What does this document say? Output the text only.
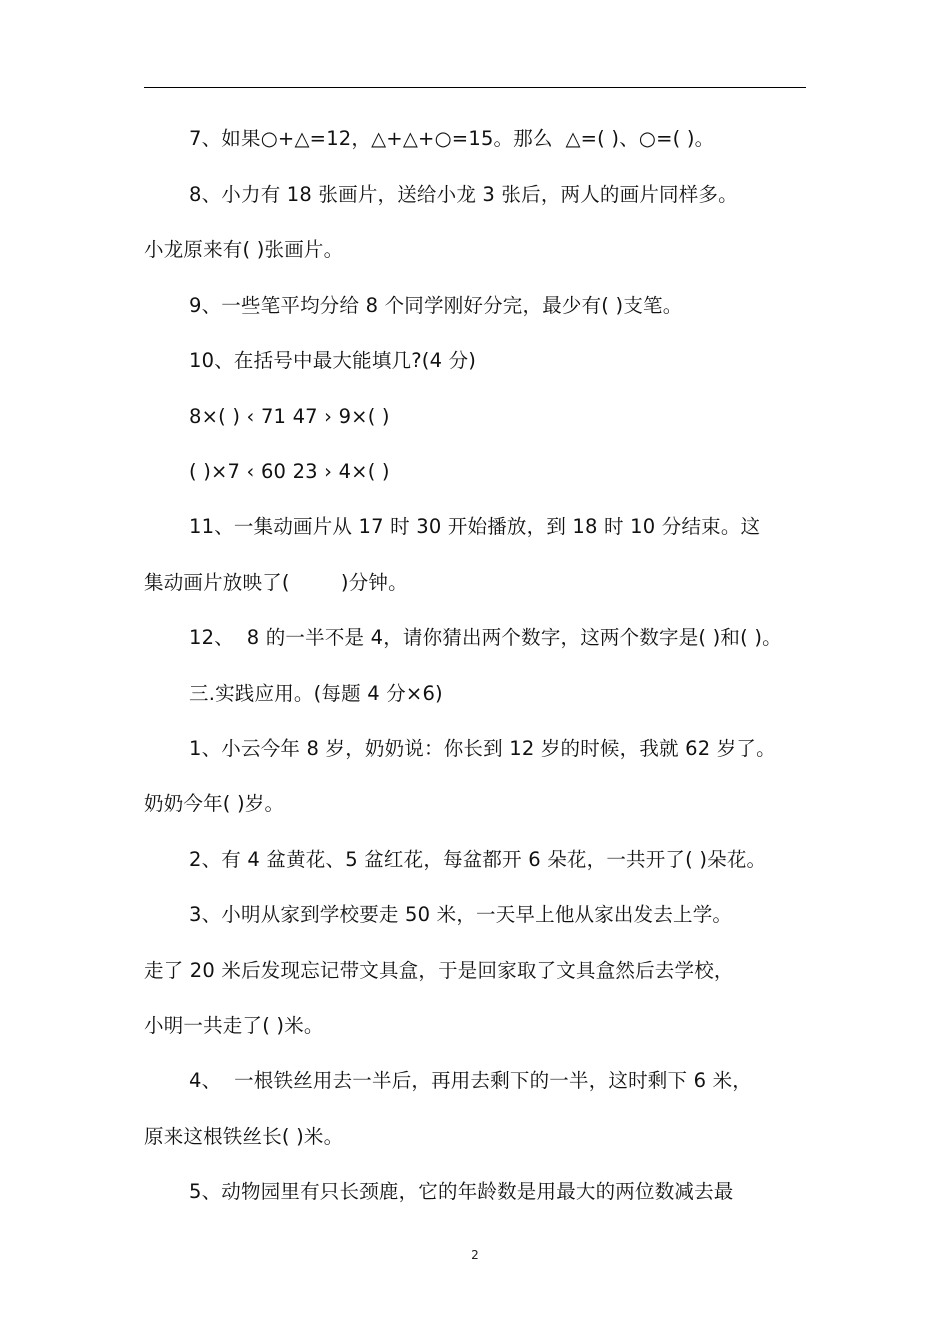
7、如果○+△=12，△+△+○=15。那么  △=( )、○=( )。
8、小力有 18 张画片，送给小龙 3 张后，两人的画片同样多。
小龙原来有( )张画片。
9、一些笔平均分给 8 个同学刚好分完，最少有( )支笔。
10、在括号中最大能填几?(4 分)
8×( ) ‹ 71 47 › 9×( )
( )×7 ‹ 60 23 › 4×( )
11、一集动画片从 17 时 30 开始播放，到 18 时 10 分结束。这
集动画片放映了(        )分钟。
12、  8 的一半不是 4，请你猜出两个数字，这两个数字是( )和( )。
三.实践应用。(每题 4 分×6)
1、小云今年 8 岁，奶奶说：你长到 12 岁的时候，我就 62 岁了。
奶奶今年( )岁。
2、有 4 盆黄花、5 盆红花，每盆都开 6 朵花，一共开了( )朵花。
3、小明从家到学校要走 50 米，一天早上他从家出发去上学。
走了 20 米后发现忘记带文具盒，于是回家取了文具盒然后去学校，
小明一共走了( )米。
4、  一根铁丝用去一半后，再用去剩下的一半，这时剩下 6 米，
原来这根铁丝长( )米。
5、动物园里有只长颈鹿，它的年龄数是用最大的两位数减去最
2
